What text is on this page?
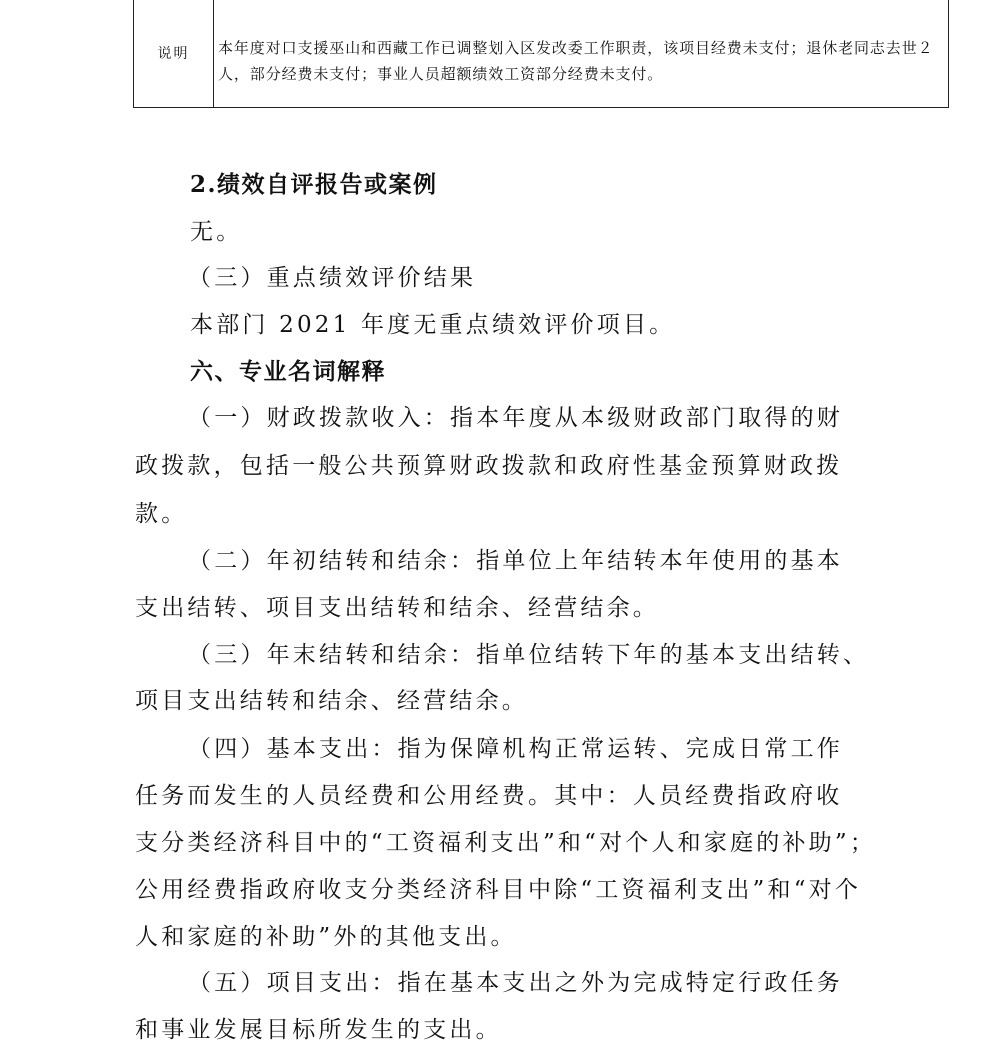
说明	本年度对口支援巫山和西藏工作已调整划入区发改委工作职责，该项目经费未支付；退休老同志去世２人，部分经费未支付；事业人员超额绩效工资部分经费未支付。
2.绩效自评报告或案例
无。
（三）重点绩效评价结果
本部门 2021 年度无重点绩效评价项目。
六、专业名词解释
（一）财政拨款收入：指本年度从本级财政部门取得的财
政拨款，包括一般公共预算财政拨款和政府性基金预算财政拨
款。
（二）年初结转和结余：指单位上年结转本年使用的基本
支出结转、项目支出结转和结余、经营结余。
（三）年末结转和结余：指单位结转下年的基本支出结转、
项目支出结转和结余、经营结余。
（四）基本支出：指为保障机构正常运转、完成日常工作
任务而发生的人员经费和公用经费。其中：人员经费指政府收
支分类经济科目中的“工资福利支出”和“对个人和家庭的补助”；
公用经费指政府收支分类经济科目中除“工资福利支出”和“对个
人和家庭的补助”外的其他支出。
（五）项目支出：指在基本支出之外为完成特定行政任务
和事业发展目标所发生的支出。
